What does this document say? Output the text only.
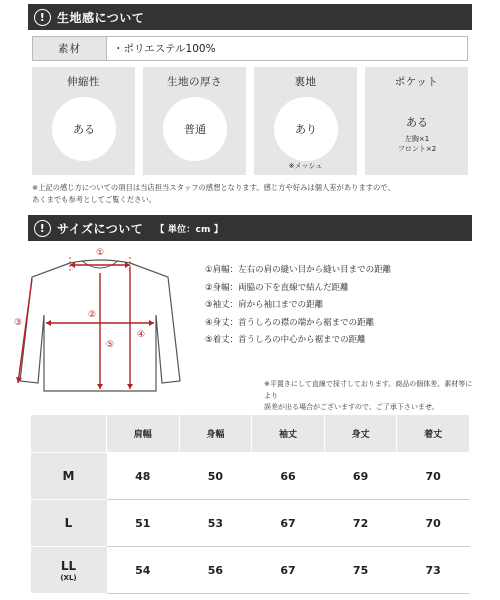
! 生地感について
素材	・ポリエステル100%
伸縮性
ある
生地の厚さ
普通
裏地
あり
※メッシュ
ポケット
ある
左胸×1
フロント×2
※上記の感じ方についての項目は当店担当スタッフの感想となります。感じ方や好みは個人差がありますので、
あくまでも参考としてご覧ください。
! サイズについて 【 単位：cm 】
①
②
④
⑤
③
①肩幅：左右の肩の縫い目から縫い目までの距離
②身幅：両脇の下を直線で結んだ距離
③袖丈：肩から袖口までの距離
④身丈：首うしろの襟の端から裾までの距離
⑤着丈：首うしろの中心から裾までの距離
※平置きにして直線で採寸しております。商品の個体差、素材等により
誤差が出る場合がございますので、ご了承下さいませ。
	肩幅	身幅	袖丈	身丈	着丈
M	48	50	66	69	70
L	51	53	67	72	70
LL
(XL)	54	56	67	75	73
